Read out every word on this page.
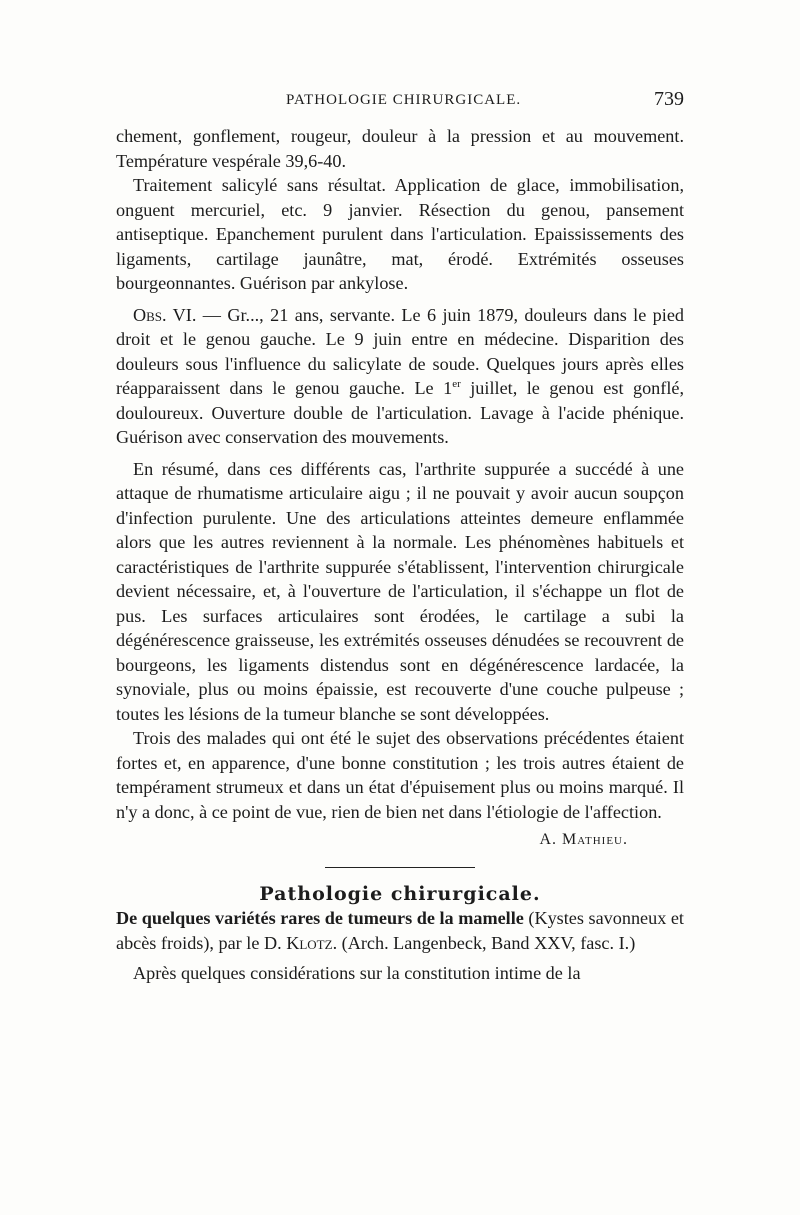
PATHOLOGIE CHIRURGICALE.	739

chement, gonflement, rougeur, douleur à la pression et au mouvement. Température vespérale 39,6-40.

Traitement salicylé sans résultat. Application de glace, immobilisation, onguent mercuriel, etc. 9 janvier. Résection du genou, pansement antiseptique. Epanchement purulent dans l'articulation. Epaississements des ligaments, cartilage jaunâtre, mat, érodé. Extrémités osseuses bourgeonnantes. Guérison par ankylose.

Obs. VI. — Gr..., 21 ans, servante. Le 6 juin 1879, douleurs dans le pied droit et le genou gauche. Le 9 juin entre en médecine. Disparition des douleurs sous l'influence du salicylate de soude. Quelques jours après elles réapparaissent dans le genou gauche. Le 1er juillet, le genou est gonflé, douloureux. Ouverture double de l'articulation. Lavage à l'acide phénique. Guérison avec conservation des mouvements.

En résumé, dans ces différents cas, l'arthrite suppurée a succédé à une attaque de rhumatisme articulaire aigu ; il ne pouvait y avoir aucun soupçon d'infection purulente. Une des articulations atteintes demeure enflammée alors que les autres reviennent à la normale. Les phénomènes habituels et caractéristiques de l'arthrite suppurée s'établissent, l'intervention chirurgicale devient nécessaire, et, à l'ouverture de l'articulation, il s'échappe un flot de pus. Les surfaces articulaires sont érodées, le cartilage a subi la dégénérescence graisseuse, les extrémités osseuses dénudées se recouvrent de bourgeons, les ligaments distendus sont en dégénérescence lardacée, la synoviale, plus ou moins épaissie, est recouverte d'une couche pulpeuse ; toutes les lésions de la tumeur blanche se sont développées.

Trois des malades qui ont été le sujet des observations précédentes étaient fortes et, en apparence, d'une bonne constitution ; les trois autres étaient de tempérament strumeux et dans un état d'épuisement plus ou moins marqué. Il n'y a donc, à ce point de vue, rien de bien net dans l'étiologie de l'affection.

A. Mathieu.
Pathologie chirurgicale.

De quelques variétés rares de tumeurs de la mamelle (Kystes savonneux et abcès froids), par le D. Klotz. (Arch. Langenbeck, Band XXV, fasc. I.)

Après quelques considérations sur la constitution intime de la
